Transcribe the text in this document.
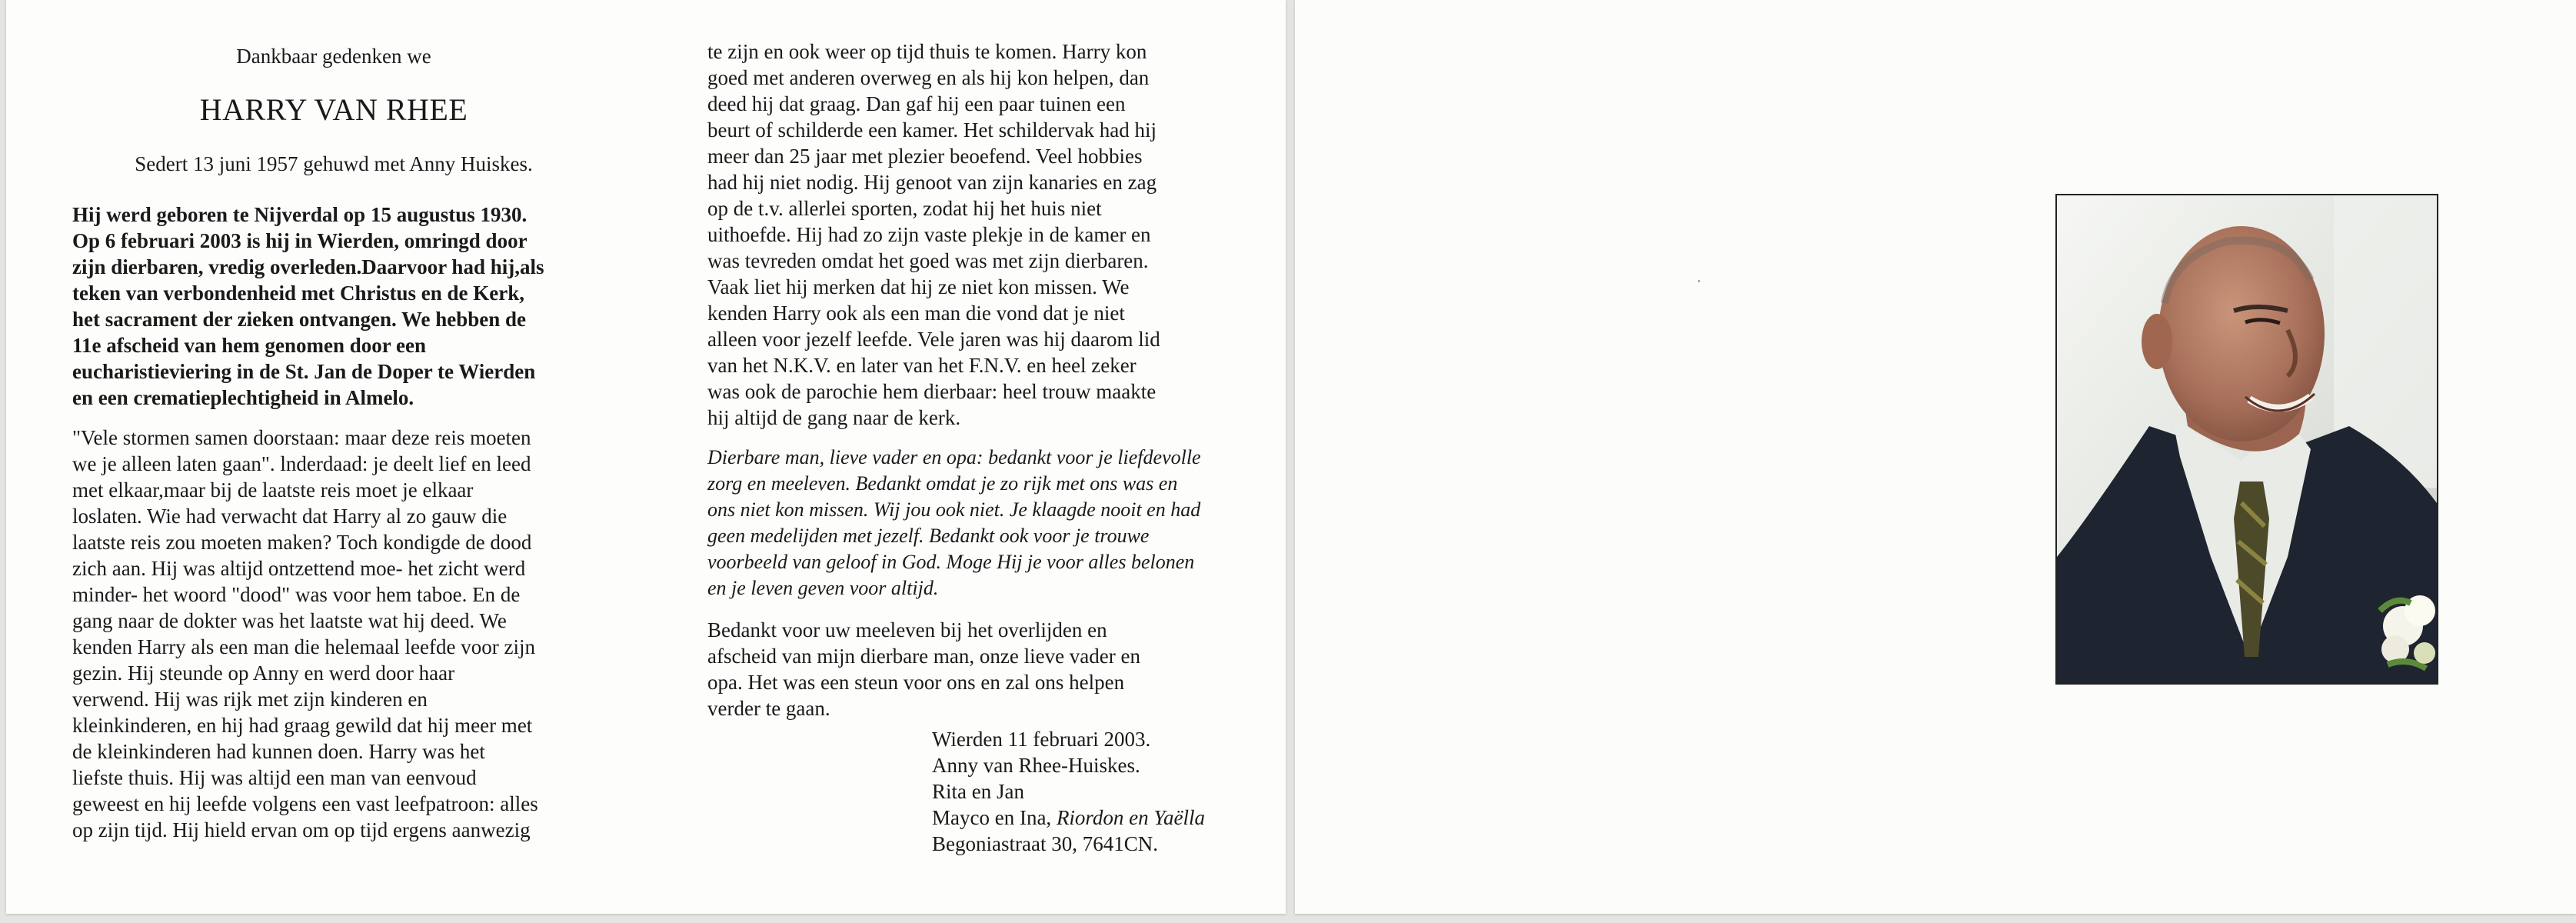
Dankbaar gedenken we
HARRY VAN RHEE
Sedert 13 juni 1957 gehuwd met Anny Huiskes.
Hij werd geboren te Nijverdal op 15 augustus 1930.
Op 6 februari 2003 is hij in Wierden, omringd door
zijn dierbaren, vredig overleden.Daarvoor had hij,als
teken van verbondenheid met Christus en de Kerk,
het sacrament der zieken ontvangen. We hebben de
11e afscheid van hem genomen door een
eucharistieviering in de St. Jan de Doper te Wierden
en een crematieplechtigheid in Almelo.
"Vele stormen samen doorstaan: maar deze reis moeten
we je alleen laten gaan". lnderdaad: je deelt lief en leed
met elkaar,maar bij de laatste reis moet je elkaar
loslaten. Wie had verwacht dat Harry al zo gauw die
laatste reis zou moeten maken? Toch kondigde de dood
zich aan. Hij was altijd ontzettend moe- het zicht werd
minder- het woord "dood" was voor hem taboe. En de
gang naar de dokter was het laatste wat hij deed. We
kenden Harry als een man die helemaal leefde voor zijn
gezin. Hij steunde op Anny en werd door haar
verwend. Hij was rijk met zijn kinderen en
kleinkinderen, en hij had graag gewild dat hij meer met
de kleinkinderen had kunnen doen. Harry was het
liefste thuis. Hij was altijd een man van eenvoud
geweest en hij leefde volgens een vast leefpatroon: alles
op zijn tijd. Hij hield ervan om op tijd ergens aanwezig
te zijn en ook weer op tijd thuis te komen. Harry kon
goed met anderen overweg en als hij kon helpen, dan
deed hij dat graag. Dan gaf hij een paar tuinen een
beurt of schilderde een kamer. Het schildervak had hij
meer dan 25 jaar met plezier beoefend. Veel hobbies
had hij niet nodig. Hij genoot van zijn kanaries en zag
op de t.v. allerlei sporten, zodat hij het huis niet
uithoefde. Hij had zo zijn vaste plekje in de kamer en
was tevreden omdat het goed was met zijn dierbaren.
Vaak liet hij merken dat hij ze niet kon missen. We
kenden Harry ook als een man die vond dat je niet
alleen voor jezelf leefde. Vele jaren was hij daarom lid
van het N.K.V. en later van het F.N.V. en heel zeker
was ook de parochie hem dierbaar: heel trouw maakte
hij altijd de gang naar de kerk.
Dierbare man, lieve vader en opa: bedankt voor je liefdevolle
zorg en meeleven. Bedankt omdat je zo rijk met ons was en
ons niet kon missen. Wij jou ook niet. Je klaagde nooit en had
geen medelijden met jezelf. Bedankt ook voor je trouwe
voorbeeld van geloof in God. Moge Hij je voor alles belonen
en je leven geven voor altijd.
Bedankt voor uw meeleven bij het overlijden en
afscheid van mijn dierbare man, onze lieve vader en
opa. Het was een steun voor ons en zal ons helpen
verder te gaan.
Wierden 11 februari 2003.
Anny van Rhee-Huiskes.
Rita en Jan
Mayco en Ina, Riordon en Yaëlla
Begoniastraat 30, 7641CN.
